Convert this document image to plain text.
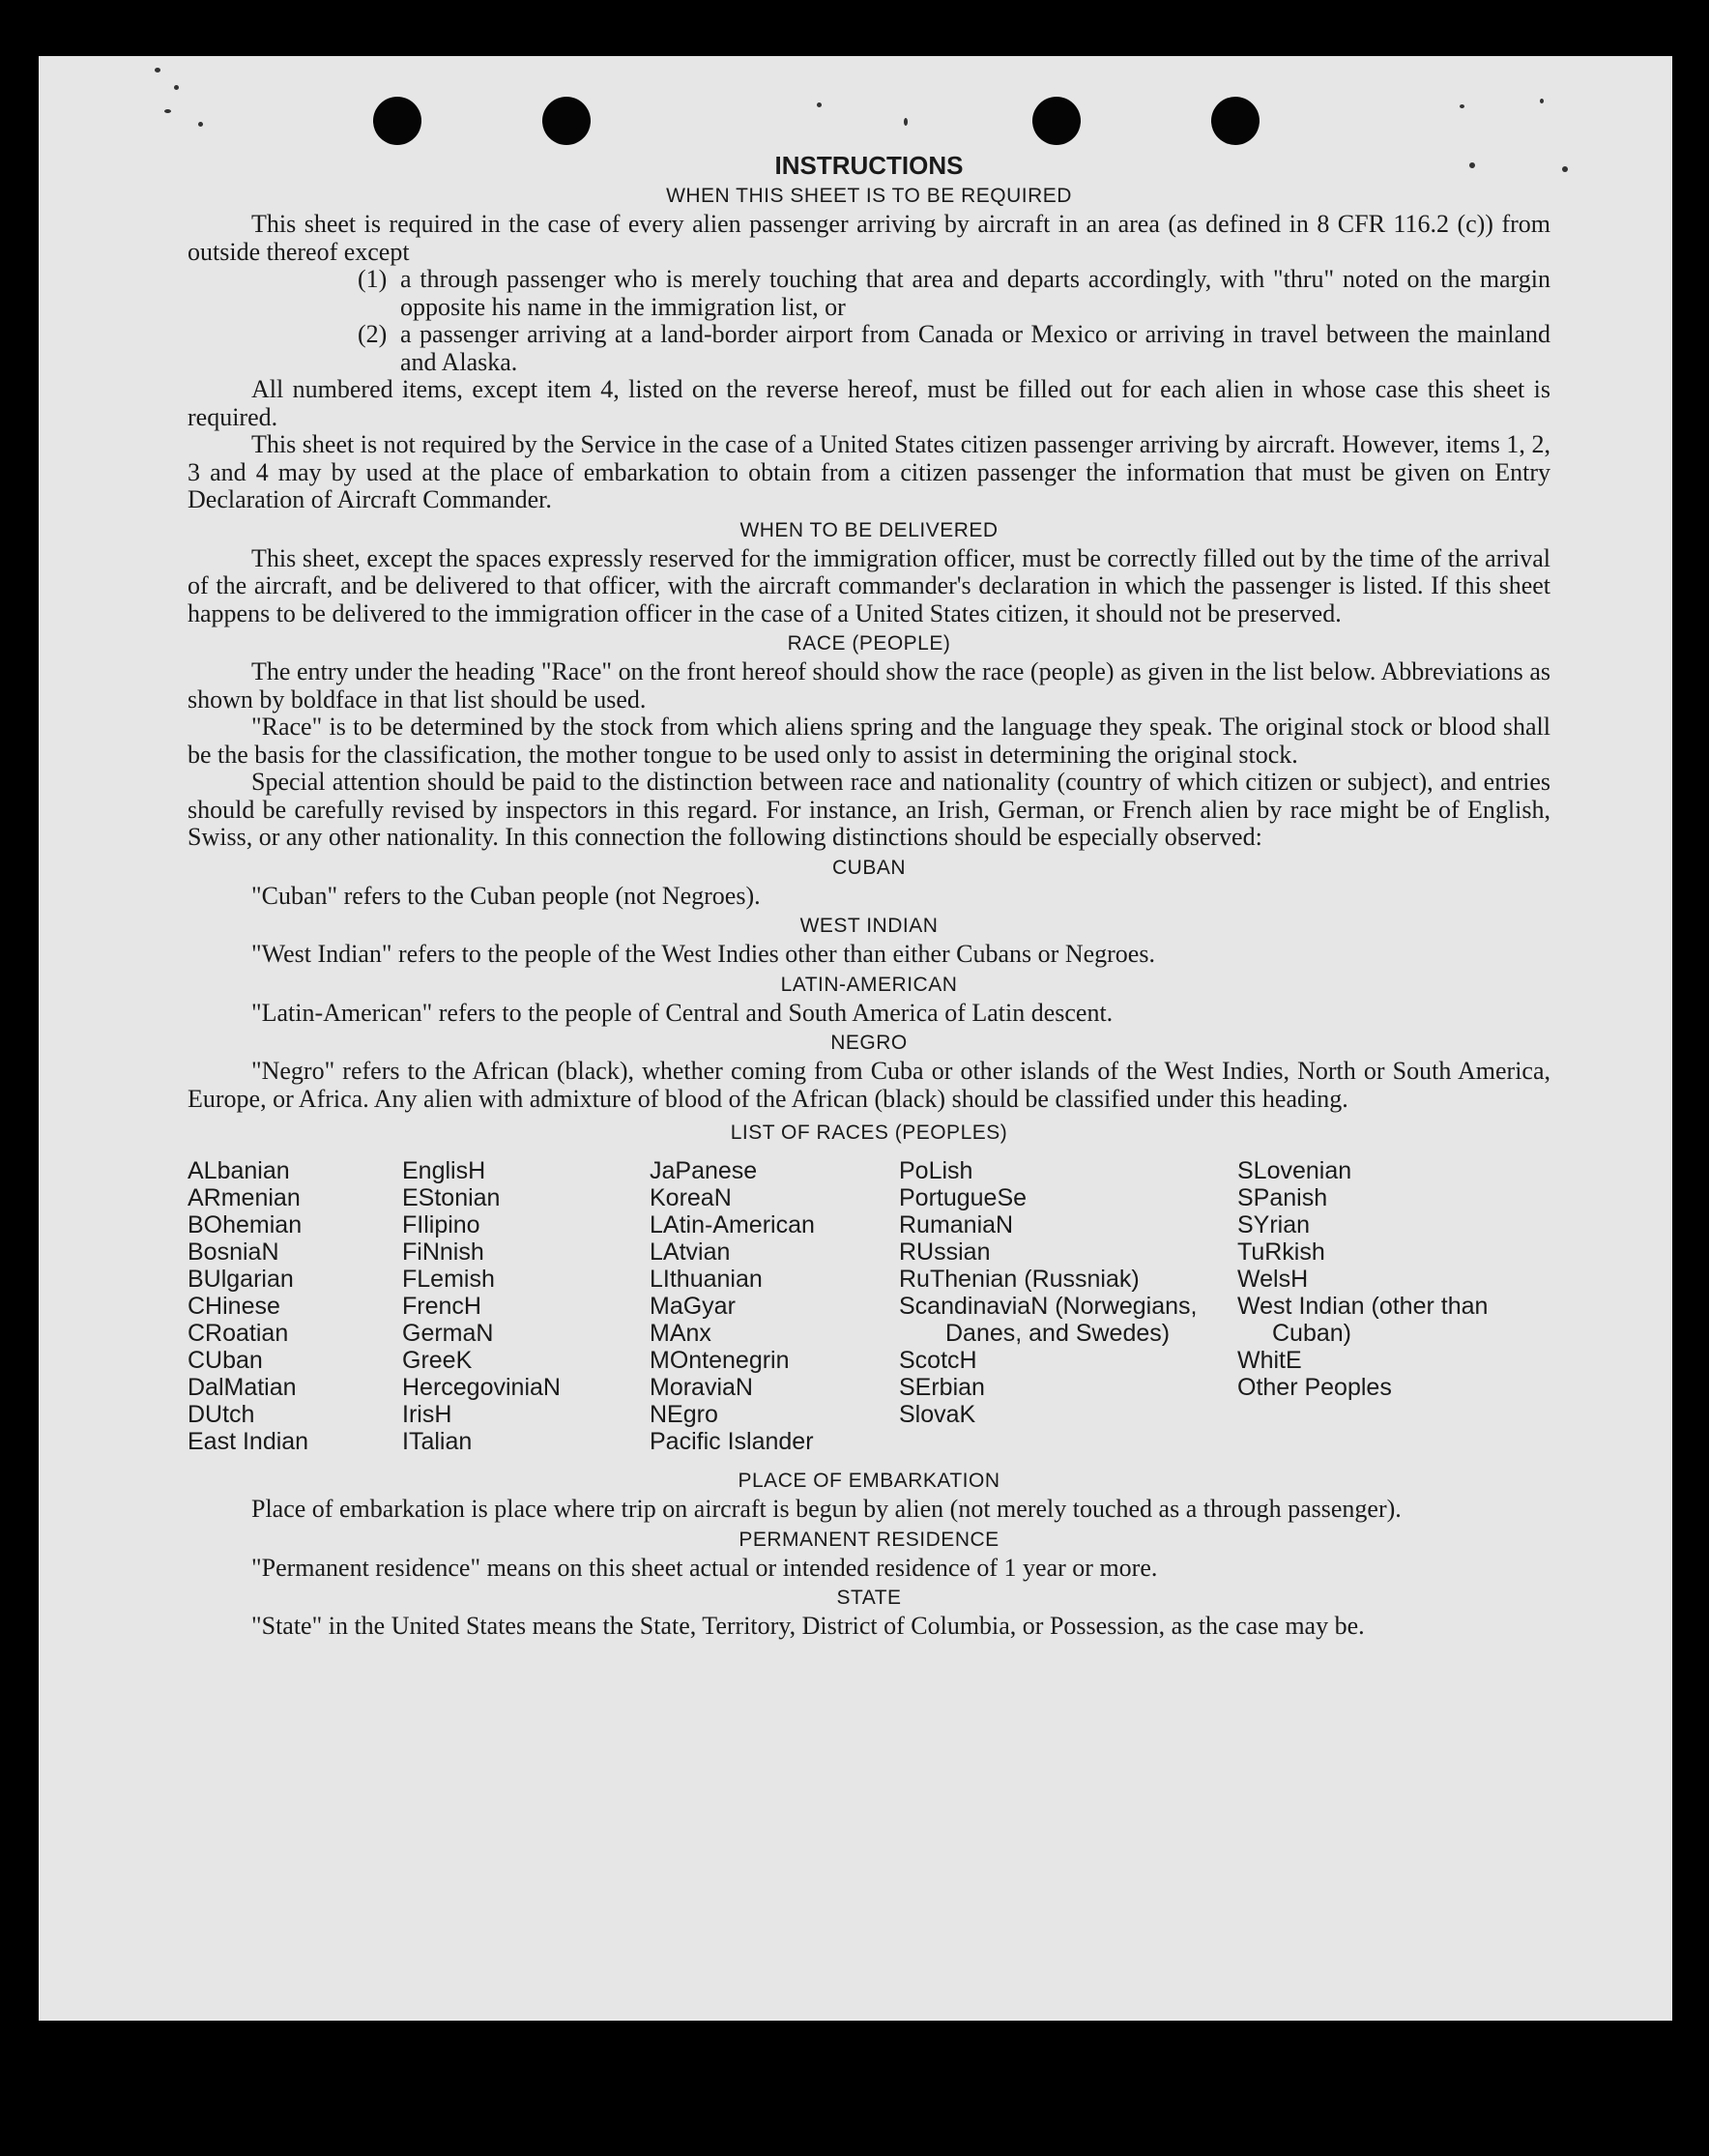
INSTRUCTIONS
WHEN THIS SHEET IS TO BE REQUIRED

This sheet is required in the case of every alien passenger arriving by aircraft in an area (as defined in 8 CFR 116.2 (c)) from outside thereof except

(1) a through passenger who is merely touching that area and departs accordingly, with "thru" noted on the margin opposite his name in the immigration list, or
(2) a passenger arriving at a land-border airport from Canada or Mexico or arriving in travel between the mainland and Alaska.

All numbered items, except item 4, listed on the reverse hereof, must be filled out for each alien in whose case this sheet is required.

This sheet is not required by the Service in the case of a United States citizen passenger arriving by aircraft. However, items 1, 2, 3 and 4 may by used at the place of embarkation to obtain from a citizen passenger the information that must be given on Entry Declaration of Aircraft Commander.

WHEN TO BE DELIVERED

This sheet, except the spaces expressly reserved for the immigration officer, must be correctly filled out by the time of the arrival of the aircraft, and be delivered to that officer, with the aircraft commander's declaration in which the passenger is listed. If this sheet happens to be delivered to the immigration officer in the case of a United States citizen, it should not be preserved.

RACE (PEOPLE)

The entry under the heading "Race" on the front hereof should show the race (people) as given in the list below. Abbreviations as shown by boldface in that list should be used.

"Race" is to be determined by the stock from which aliens spring and the language they speak. The original stock or blood shall be the basis for the classification, the mother tongue to be used only to assist in determining the original stock.

Special attention should be paid to the distinction between race and nationality (country of which citizen or subject), and entries should be carefully revised by inspectors in this regard. For instance, an Irish, German, or French alien by race might be of English, Swiss, or any other nationality. In this connection the following distinctions should be especially observed:

CUBAN

"Cuban" refers to the Cuban people (not Negroes).

WEST INDIAN

"West Indian" refers to the people of the West Indies other than either Cubans or Negroes.

LATIN-AMERICAN

"Latin-American" refers to the people of Central and South America of Latin descent.

NEGRO

"Negro" refers to the African (black), whether coming from Cuba or other islands of the West Indies, North or South America, Europe, or Africa. Any alien with admixture of blood of the African (black) should be classified under this heading.

LIST OF RACES (PEOPLES)
ALbanian
ARmenian
BOhemian
BosniaN
BUlgarian
CHinese
CRoatian
CUban
DalMatian
DUtch
East Indian
EnglisH
EStonian
FIlipino
FiNnish
FLemish
FrencH
GermaN
GreeK
HercegoviniaN
IrisH
ITalian
JaPanese
KoreaN
LAtin-American
LAtvian
LIthuanian
MaGyar
MAnx
MOntenegrin
MoraviaN
NEgro
Pacific Islander
PoLish
PortugueSe
RumaniaN
RUssian
RuThenian (Russniak)
ScandinaviaN (Norwegians, Danes, and Swedes)
ScotcH
SErbian
SlovaK
SLovenian
SPanish
SYrian
TuRkish
WelsH
West Indian (other than Cuban)
WhitE
Other Peoples
PLACE OF EMBARKATION

Place of embarkation is place where trip on aircraft is begun by alien (not merely touched as a through passenger).

PERMANENT RESIDENCE

"Permanent residence" means on this sheet actual or intended residence of 1 year or more.

STATE

"State" in the United States means the State, Territory, District of Columbia, or Possession, as the case may be.
